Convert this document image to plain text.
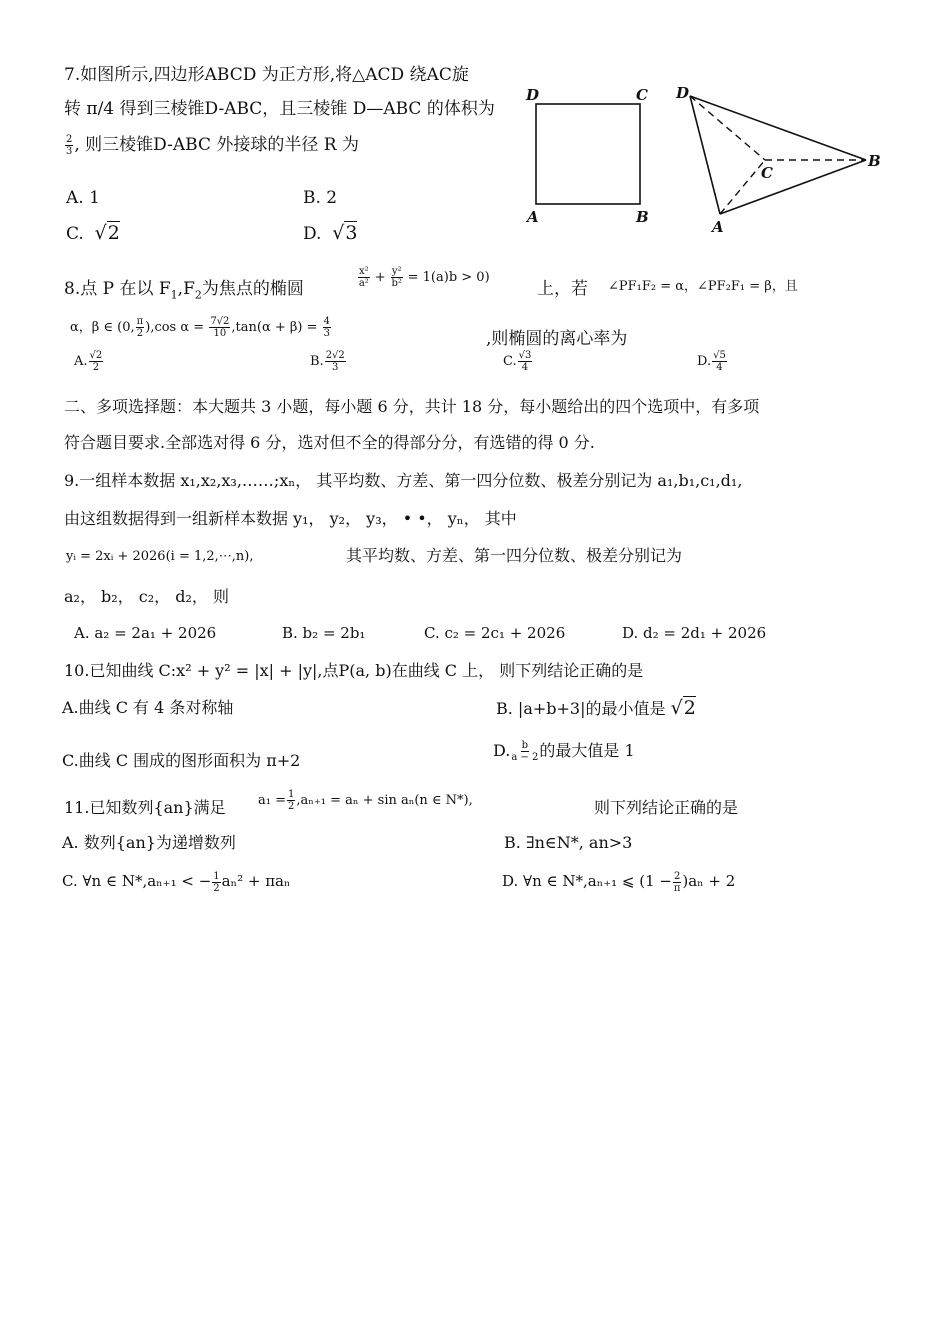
7.如图所示,四边形ABCD 为正方形,将△ACD 绕AC旋
转 π/4 得到三棱锥D-ABC，且三棱锥 D—ABC 的体积为
$\frac{2}{3}$ , 则三棱锥D-ABC 外接球的半径 R 为
A. 1	B. 2
C. √2	D. √3
D	C
A	B
D
C
A
B
8.点 P 在以 $F_1,F_2$为焦点的椭圆	$\frac{\text{x²}}{\text{a²}} + \frac{\text{y²}}{\text{b²}} = 1(a)b > 0$)
上，若 ∠PF₁F₂ = α，∠PF₂F₁ = β，且
α，β ∈ (0, $\frac{\pi}{2} ),\cos$ $\alpha = \frac{7√2}{10} ,\tan(\alpha + \beta) = \frac{4}{3}$	,则椭圆的离心率为
A. $\frac{√2}{2}$	B. $\frac{2√2}{3}$	C. $\frac{√3}{4}$	D. $\frac{√5}{4}$
二、多项选择题：本大题共 3 小题，每小题 6 分，共计 18 分，每小题给出的四个选项中，有多项
符合题目要求.全部选对得 6 分，选对但不全的得部分分，有选错的得 0 分.
9.一组样本数据 x₁,x₂,x₃,……;xₙ， 其平均数、方差、第一四分位数、极差分别记为 a₁,b₁,c₁,d₁,
由这组数据得到一组新样本数据 y₁， y₂， y₃， • •， yₙ， 其中
yᵢ = 2xᵢ + 2026(i = 1,2,⋯,n),	其平均数、方差、第一四分位数、极差分别记为
a₂， b₂， c₂， d₂， 则
A. a₂ = 2a₁ + 2026	B. b₂ = 2b₁	C. c₂ = 2c₁ + 2026	D. d₂ = 2d₁ + 2026
10.已知曲线 C:x² + y² = |x| + |y|,点P(a, b)在曲线 C 上， 则下列结论正确的是
A.曲线 C 有 4 条对称轴	B. |a+b+3|的最小值是 √2
C.曲线 C 围成的图形面积为 π+2
D. $\frac{b}{a - 2}$ 的最大值是 1
11.已知数列{an}满足 $a_1 = \frac{1}{2} ,a_{n+1} = a_n + \sin a_n(n$ ∈ N*),	则下列结论正确的是
A. 数列{an}为递增数列	B. ∃n∈N*, an>3
C. ∀n ∈ N*,aₙ₊₁ < − $\frac{1}{2} a_n^2 + \pi a_n$	D. ∀n ∈ N*,aₙ₊₁ ⩽ $(1 - \frac{2}{\pi} )a_n + 2$
